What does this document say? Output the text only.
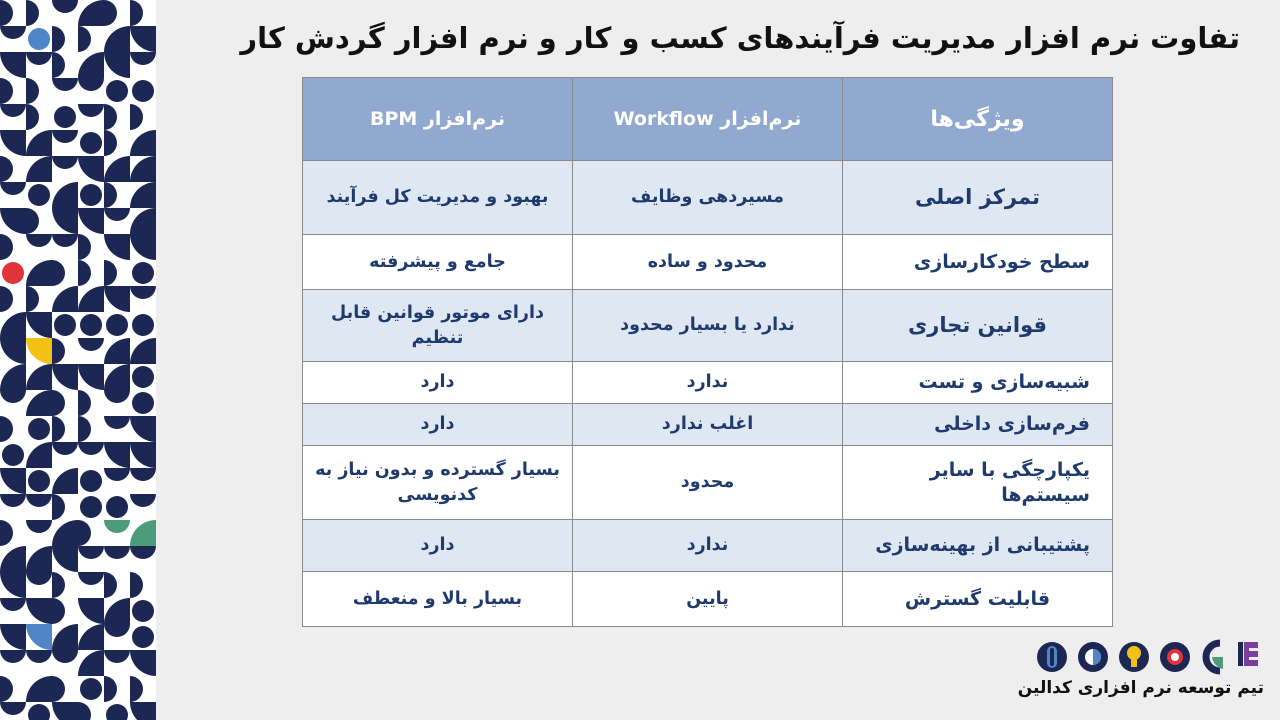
تفاوت نرم افزار مدیریت فرآیندهای کسب و کار و نرم افزار گردش کار
ویژگی‌ها	نرم‌افزار Workflow	نرم‌افزار BPM
تمرکز اصلی	مسیردهی وظایف	بهبود و مدیریت کل فرآیند
سطح خودکارسازی	محدود و ساده	جامع و پیشرفته
قوانین تجاری	ندارد یا بسیار محدود	دارای موتور قوانین قابل تنظیم
شبیه‌سازی و تست	ندارد	دارد
فرم‌سازی داخلی	اغلب ندارد	دارد
یکپارچگی با سایر سیستم‌ها	محدود	بسیار گسترده و بدون نیاز به کدنویسی
پشتیبانی از بهینه‌سازی	ندارد	دارد
قابلیت گسترش	پایین	بسیار بالا و منعطف
تیم توسعه نرم افزاری کدالین
